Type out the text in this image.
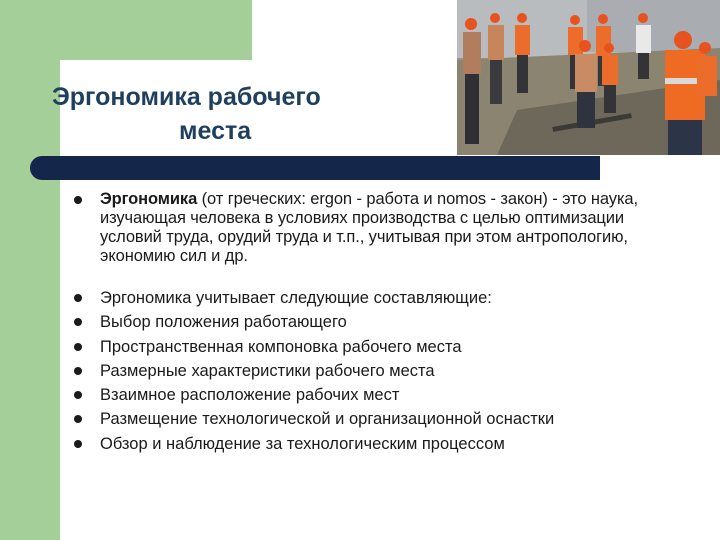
Эргономика рабочего
места

Эргономика (от греческих: ergon - работа и nomos - закон) - это наука, изучающая человека в условиях производства с целью оптимизации условий труда, орудий труда и т.п., учитывая при этом антропологию, экономию сил и др.

Эргономика учитывает следующие составляющие:

Выбор положения работающего

Пространственная компоновка рабочего места

Размерные характеристики рабочего места

Взаимное расположение рабочих мест

Размещение технологической и организационной оснастки

Обзор и наблюдение за технологическим процессом
